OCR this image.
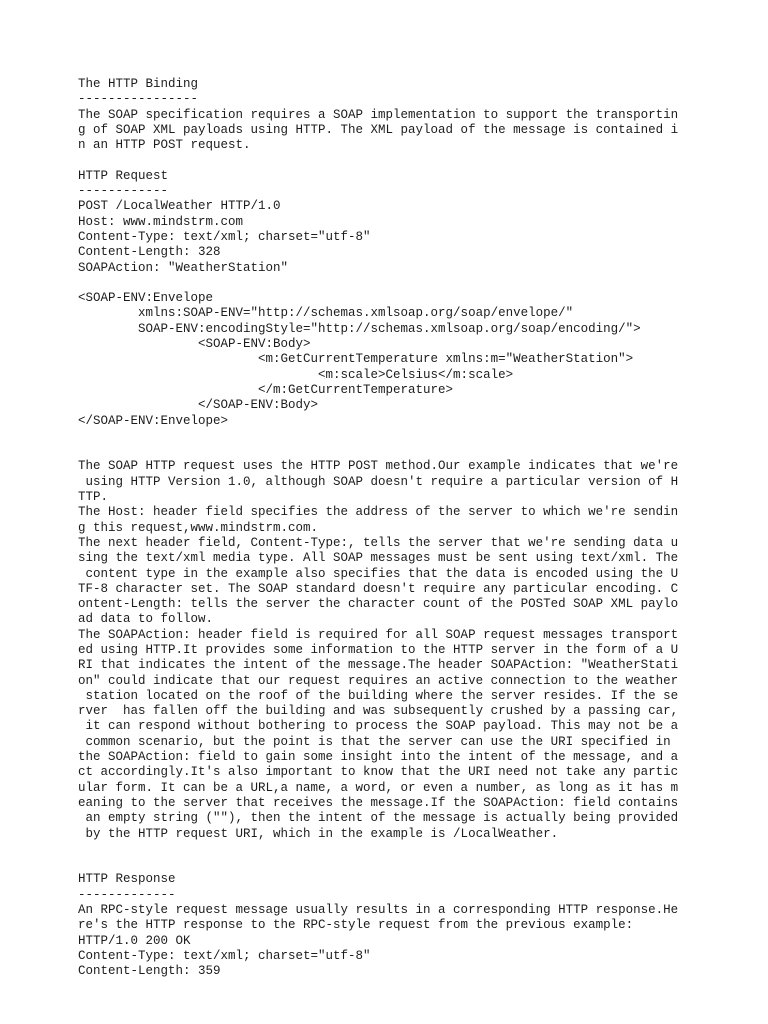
The HTTP Binding
----------------
The SOAP specification requires a SOAP implementation to support the transportin
g of SOAP XML payloads using HTTP. The XML payload of the message is contained i
n an HTTP POST request.
HTTP Request
------------
POST /LocalWeather HTTP/1.0
Host: www.mindstrm.com
Content-Type: text/xml; charset="utf-8"
Content-Length: 328
SOAPAction: "WeatherStation"
<SOAP-ENV:Envelope
xmlns:SOAP-ENV="http://schemas.xmlsoap.org/soap/envelope/"
SOAP-ENV:encodingStyle="http://schemas.xmlsoap.org/soap/encoding/">
<SOAP-ENV:Body>
<m:GetCurrentTemperature xmlns:m="WeatherStation">
<m:scale>Celsius</m:scale>
</m:GetCurrentTemperature>
</SOAP-ENV:Body>
</SOAP-ENV:Envelope>
The SOAP HTTP request uses the HTTP POST method.Our example indicates that we're
using HTTP Version 1.0, although SOAP doesn't require a particular version of H
TTP.
The Host: header field specifies the address of the server to which we're sendin
g this request,www.mindstrm.com.
The next header field, Content-Type:, tells the server that we're sending data u
sing the text/xml media type. All SOAP messages must be sent using text/xml. The
content type in the example also specifies that the data is encoded using the U
TF-8 character set. The SOAP standard doesn't require any particular encoding. C
ontent-Length: tells the server the character count of the POSTed SOAP XML paylo
ad data to follow.
The SOAPAction: header field is required for all SOAP request messages transport
ed using HTTP.It provides some information to the HTTP server in the form of a U
RI that indicates the intent of the message.The header SOAPAction: "WeatherStati
on" could indicate that our request requires an active connection to the weather
station located on the roof of the building where the server resides. If the se
rver  has fallen off the building and was subsequently crushed by a passing car,
it can respond without bothering to process the SOAP payload. This may not be a
common scenario, but the point is that the server can use the URI specified in
the SOAPAction: field to gain some insight into the intent of the message, and a
ct accordingly.It's also important to know that the URI need not take any partic
ular form. It can be a URL,a name, a word, or even a number, as long as it has m
eaning to the server that receives the message.If the SOAPAction: field contains
an empty string (""), then the intent of the message is actually being provided
by the HTTP request URI, which in the example is /LocalWeather.
HTTP Response
-------------
An RPC-style request message usually results in a corresponding HTTP response.He
re's the HTTP response to the RPC-style request from the previous example:
HTTP/1.0 200 OK
Content-Type: text/xml; charset="utf-8"
Content-Length: 359
